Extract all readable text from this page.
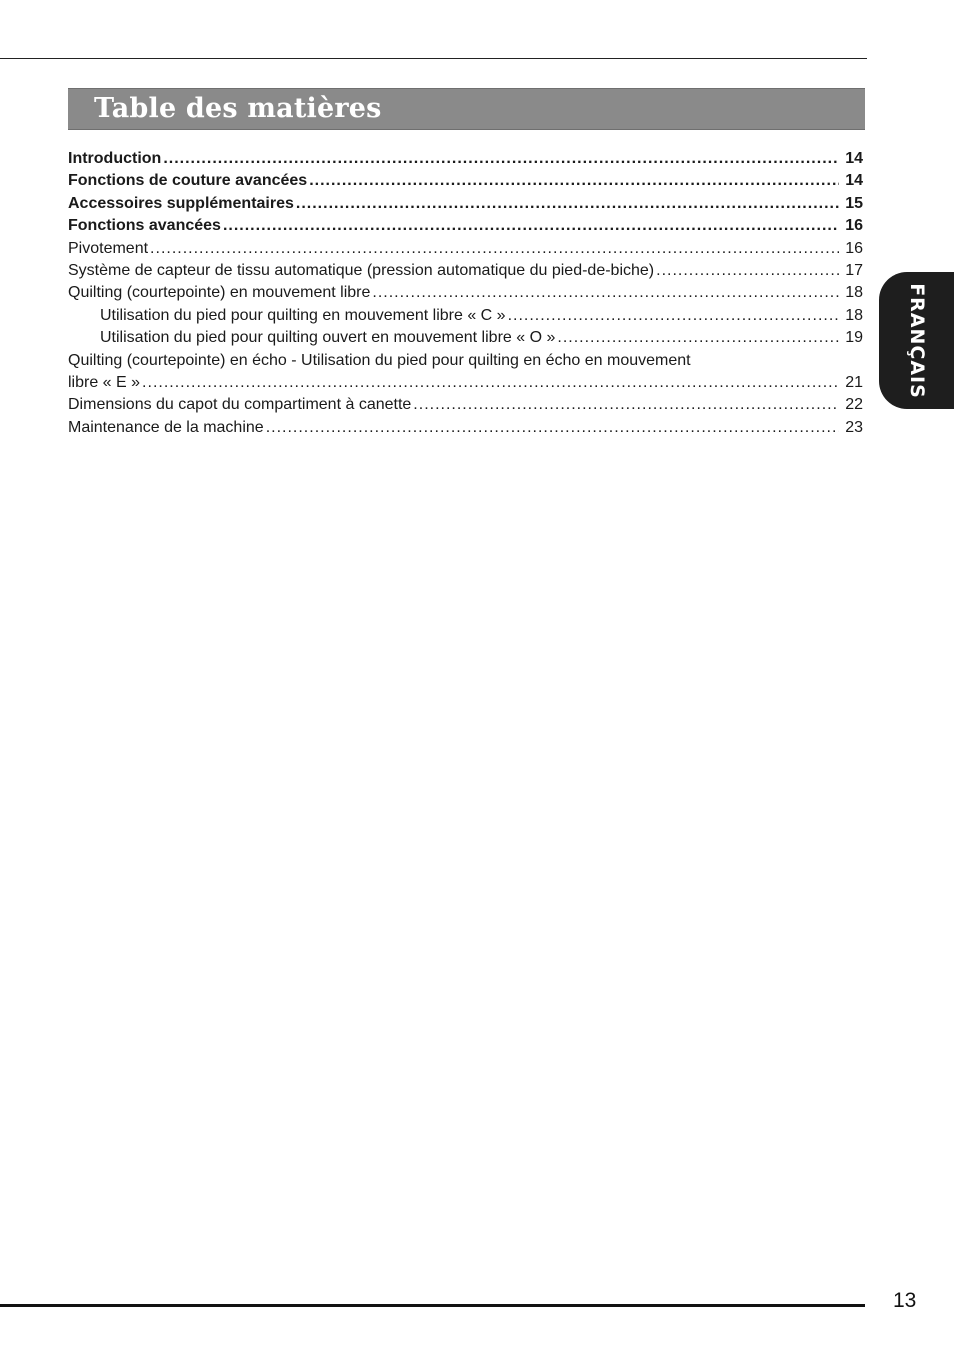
Table des matières
Introduction .....	14
Fonctions de couture avancées .....	14
Accessoires supplémentaires .....	15
Fonctions avancées .....	16
Pivotement .....	16
Système de capteur de tissu automatique (pression automatique du pied-de-biche) .....	17
Quilting (courtepointe) en mouvement libre .....	18
Utilisation du pied pour quilting en mouvement libre « C » .....	18
Utilisation du pied pour quilting ouvert en mouvement libre « O » .....	19
Quilting (courtepointe) en écho - Utilisation du pied pour quilting en écho en mouvement
libre « E » .....	21
Dimensions du capot du compartiment à canette .....	22
Maintenance de la machine .....	23
FRANÇAIS
13
